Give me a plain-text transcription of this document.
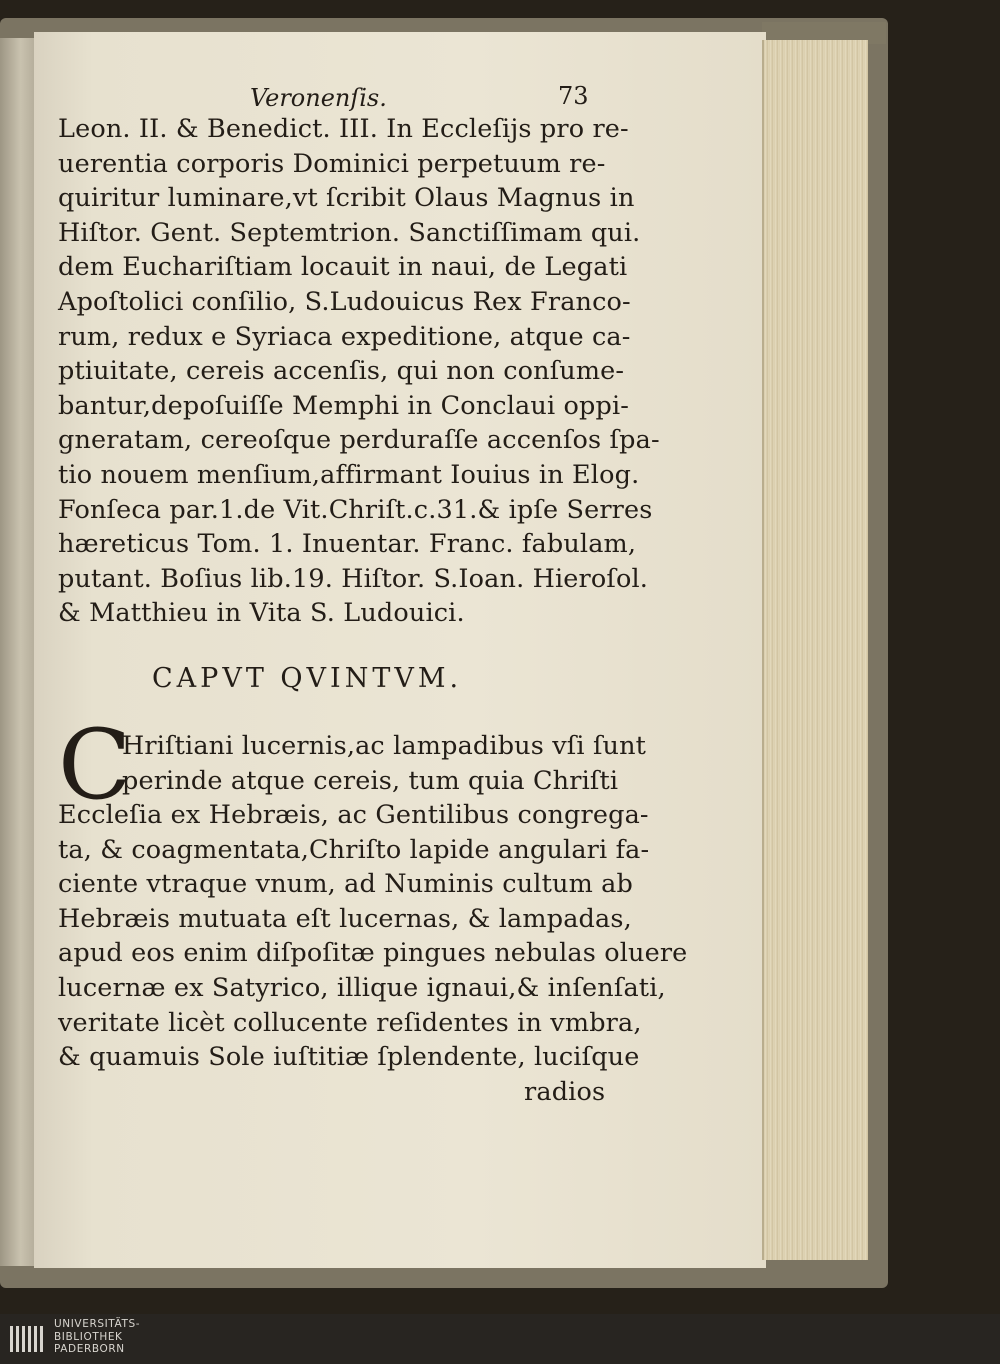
Veronenſis.	73
Leon. II. & Benedict. III. In Eccleſijs pro re-
uerentia corporis Dominici perpetuum re-
quiritur luminare,vt ſcribit Olaus Magnus in
Hiſtor. Gent. Septemtrion. Sanctiſſimam qui.
dem Euchariſtiam locauit in naui, de Legati
Apoſtolici conſilio, S.Ludouicus Rex Franco-
rum, redux e Syriaca expeditione, atque ca-
ptiuitate, cereis accenſis, qui non conſume-
bantur,depoſuiſſe Memphi in Conclaui oppi-
gneratam, cereoſque perduraſſe accenſos ſpa-
tio nouem menſium,affirmant Iouius in Elog.
Fonſeca par.1.de Vit.Chriſt.c.31.& ipſe Serres
hæreticus Tom. 1. Inuentar. Franc. fabulam,
putant. Boſius lib.19. Hiſtor. S.Ioan. Hieroſol.
& Matthieu in Vita S. Ludouici.
CAPVT QVINTVM.
C
Hriſtiani lucernis,ac lampadibus vſi ſunt
perinde atque cereis, tum quia Chriſti
Eccleſia ex Hebræis, ac Gentilibus congrega-
ta, & coagmentata,Chriſto lapide angulari fa-
ciente vtraque vnum, ad Numinis cultum ab
Hebræis mutuata eſt lucernas, & lampadas,
apud eos enim diſpoſitæ pingues nebulas oluere
lucernæ ex Satyrico, illique ignaui,& inſenſati,
veritate licèt collucente reſidentes in vmbra,
& quamuis Sole iuſtitiæ ſplendente, luciſque
radios
UNIVERSITÄTS-
BIBLIOTHEK
PADERBORN
